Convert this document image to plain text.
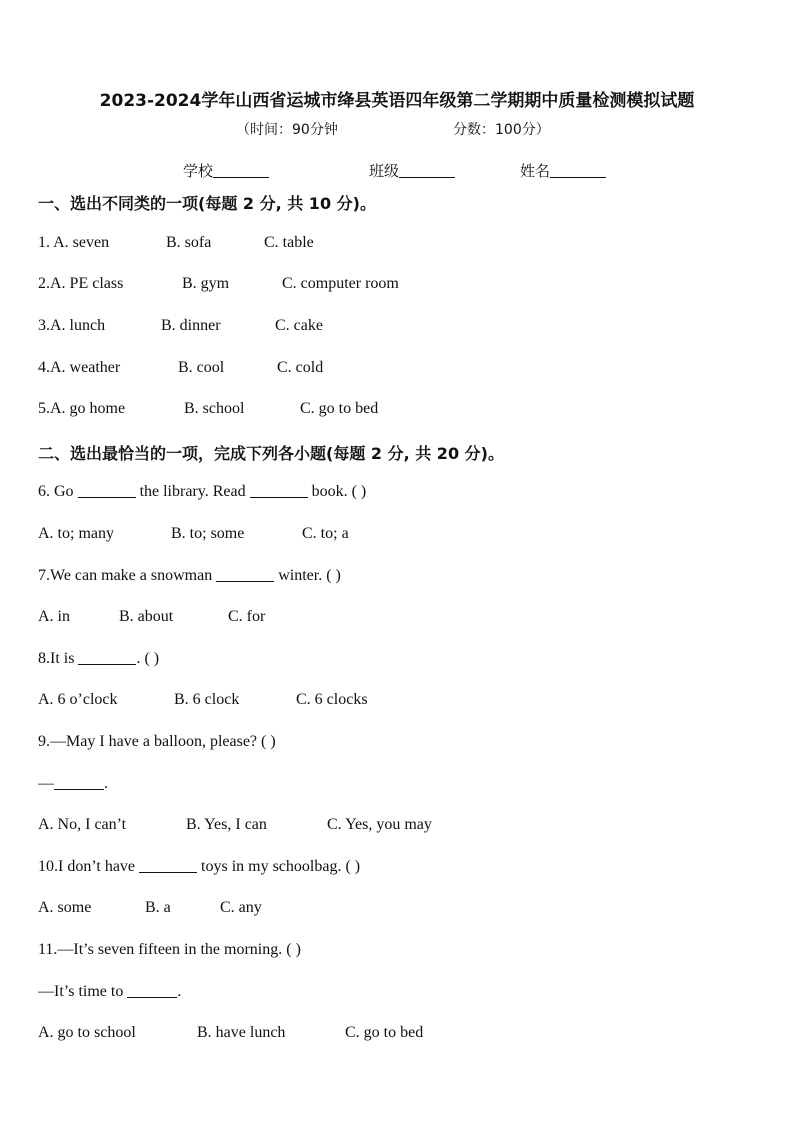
2023-2024学年山西省运城市绛县英语四年级第二学期期中质量检测模拟试题
（时间：90分钟	分数：100分）
学校	班级	姓名
一、选出不同类的一项(每题 2 分, 共 10 分)。
1. A. seven	B. sofa	C. table
2.A. PE class	B. gym	C. computer room
3.A. lunch	B. dinner	C. cake
4.A. weather	B. cool	C. cold
5.A. go home	B. school	C. go to bed
二、选出最恰当的一项，完成下列各小题(每题 2 分, 共 20 分)。
6. Go	the library. Read	book. ( )
A. to; many	B. to; some	C. to; a
7.We can make a snowman	winter. ( )
A. in	B. about	C. for
8.It is	. ( )
A. 6 o’clock	B. 6 clock	C. 6 clocks
9.—May I have a balloon, please? ( )
—	.
A. No, I can’t	B. Yes, I can	C. Yes, you may
10.I don’t have	toys in my schoolbag. ( )
A. some	B. a	C. any
11.—It’s seven fifteen in the morning. ( )
—It’s time to	.
A. go to school	B. have lunch	C. go to bed
